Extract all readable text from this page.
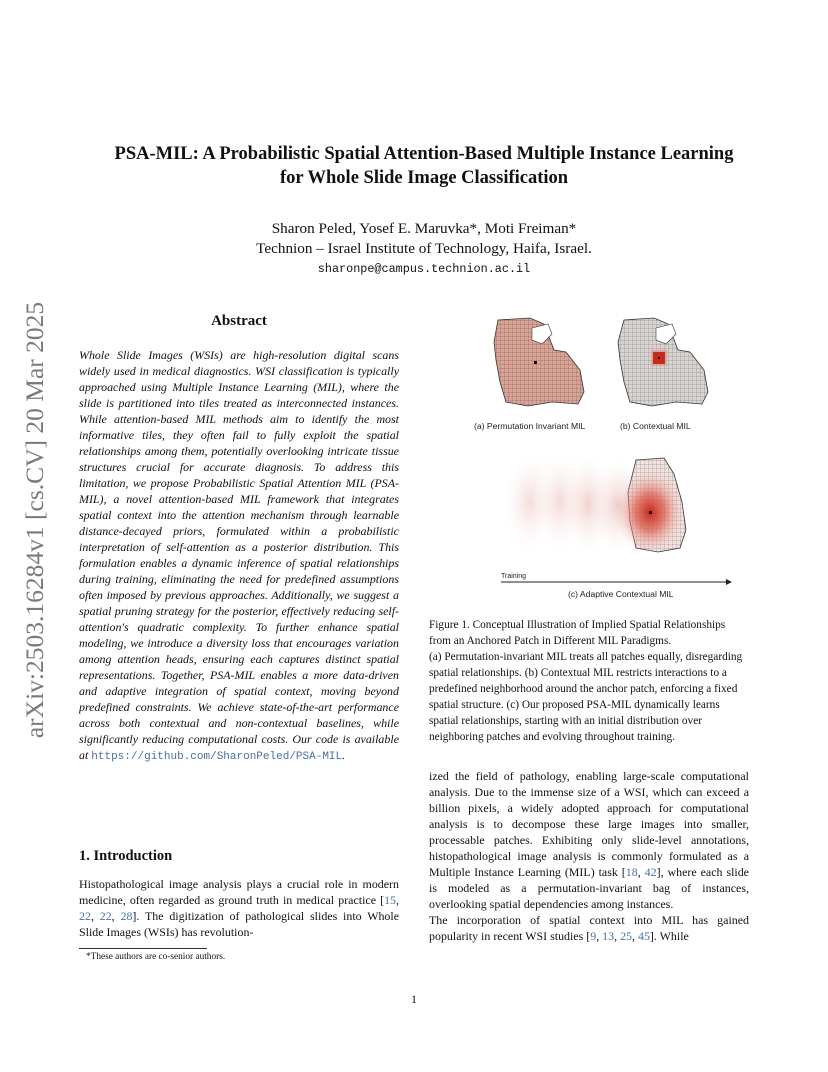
arXiv:2503.16284v1 [cs.CV] 20 Mar 2025
PSA-MIL: A Probabilistic Spatial Attention-Based Multiple Instance Learning
for Whole Slide Image Classification
Sharon Peled, Yosef E. Maruvka*, Moti Freiman*
Technion – Israel Institute of Technology, Haifa, Israel.
sharonpe@campus.technion.ac.il
Abstract
Whole Slide Images (WSIs) are high-resolution digital scans widely used in medical diagnostics. WSI classification is typically approached using Multiple Instance Learning (MIL), where the slide is partitioned into tiles treated as interconnected instances. While attention-based MIL methods aim to identify the most informative tiles, they often fail to fully exploit the spatial relationships among them, potentially overlooking intricate tissue structures crucial for accurate diagnosis. To address this limitation, we propose Probabilistic Spatial Attention MIL (PSA-MIL), a novel attention-based MIL framework that integrates spatial context into the attention mechanism through learnable distance-decayed priors, formulated within a probabilistic interpretation of self-attention as a posterior distribution. This formulation enables a dynamic inference of spatial relationships during training, eliminating the need for predefined assumptions often imposed by previous approaches. Additionally, we suggest a spatial pruning strategy for the posterior, effectively reducing self-attention's quadratic complexity. To further enhance spatial modeling, we introduce a diversity loss that encourages variation among attention heads, ensuring each captures distinct spatial representations. Together, PSA-MIL enables a more data-driven and adaptive integration of spatial context, moving beyond predefined constraints. We achieve state-of-the-art performance across both contextual and non-contextual baselines, while significantly reducing computational costs. Our code is available at https://github.com/SharonPeled/PSA-MIL.
1. Introduction
Histopathological image analysis plays a crucial role in modern medicine, often regarded as ground truth in medical practice [15, 22, 22, 28]. The digitization of pathological slides into Whole Slide Images (WSIs) has revolution-
*These authors are co-senior authors.
(a) Permutation Invariant MIL	(b) Contextual MIL
Training
(c) Adaptive Contextual MIL

Figure 1. Conceptual Illustration of Implied Spatial Relationships from an Anchored Patch in Different MIL Paradigms.

(a) Permutation-invariant MIL treats all patches equally, disregarding spatial relationships. (b) Contextual MIL restricts interactions to a predefined neighborhood around the anchor patch, enforcing a fixed spatial structure. (c) Our proposed PSA-MIL dynamically learns spatial relationships, starting with an initial distribution over neighboring patches and evolving throughout training.

ized the field of pathology, enabling large-scale computational analysis. Due to the immense size of a WSI, which can exceed a billion pixels, a widely adopted approach for computational analysis is to decompose these large images into smaller, processable patches. Exhibiting only slide-level annotations, histopathological image analysis is commonly formulated as a Multiple Instance Learning (MIL) task [18, 42], where each slide is modeled as a permutation-invariant bag of instances, overlooking spatial dependencies among instances.

The incorporation of spatial context into MIL has gained popularity in recent WSI studies [9, 13, 25, 45]. While

1
